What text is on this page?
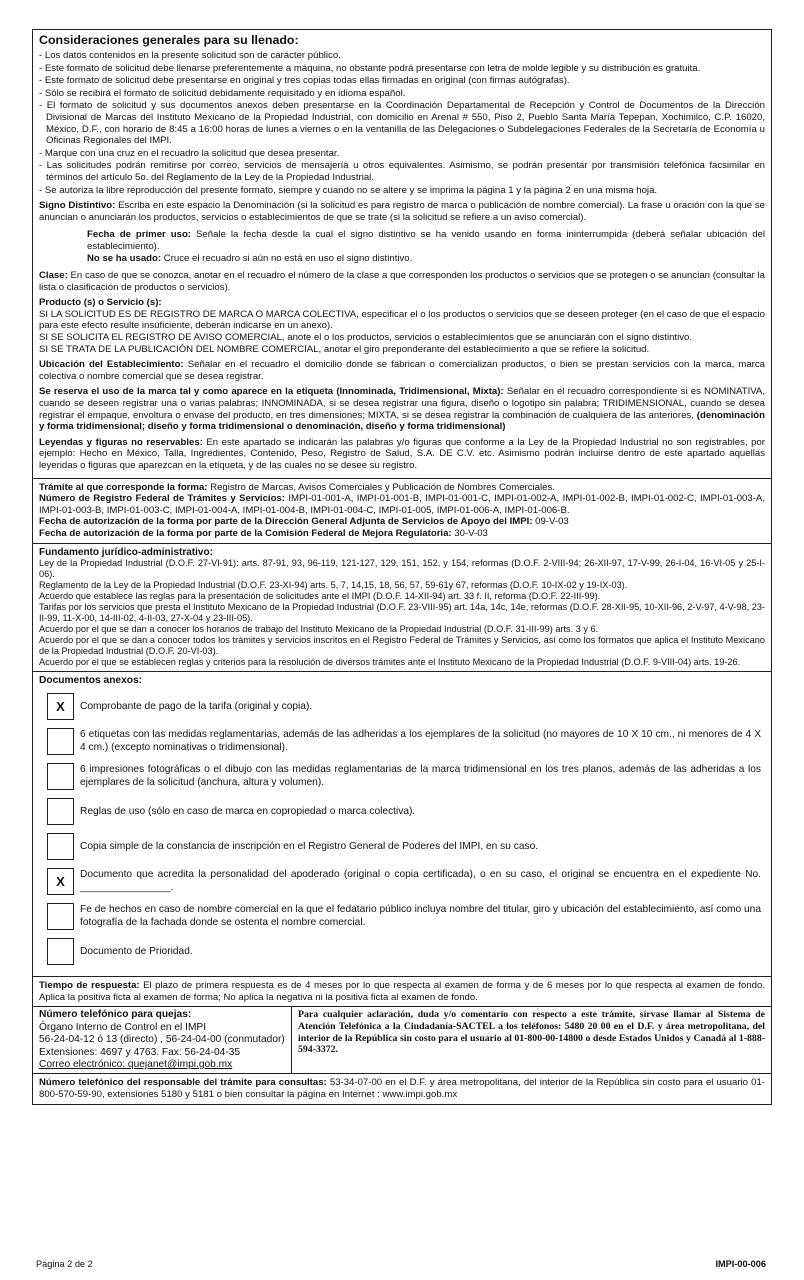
Consideraciones generales para su llenado:
- Los datos contenidos en la presente solicitud son de carácter público.
- Este formato de solicitud debe llenarse preferentemente a máquina, no obstante podrá presentarse con letra de molde legible y su distribución es gratuita.
- Este formato de solicitud debe presentarse en original y tres copias todas ellas firmadas en original (con firmas autógrafas).
- Sólo se recibirá el formato de solicitud debidamente requisitado y en idioma español.
- El formato de solicitud y sus documentos anexos deben presentarse en la Coordinación Departamental de Recepción y Control de Documentos de la Dirección Divisional de Marcas del Instituto Mexicano de la Propiedad Industrial, con domicilio en Arenal # 550, Piso 2, Pueblo Santa María Tepepan, Xochimilco, C.P. 16020, México, D.F., con horario de 8:45 a 16:00 horas de lunes a viernes o en la ventanilla de las Delegaciones o Subdelegaciones Federales de la Secretaría de Economía u Oficinas Regionales del IMPI.
- Marque con una cruz en el recuadro la solicitud que desea presentar.
- Las solicitudes podrán remitirse por correo, servicios de mensajería u otros equivalentes. Asimismo, se podrán presentar por transmisión telefónica facsimilar en términos del artículo 5o. del Reglamento de la Ley de la Propiedad Industrial.
- Se autoriza la libre reproducción del presente formato, siempre y cuando no se altere y se imprima la página 1 y la página 2 en una misma hoja.
Signo Distintivo: Escriba en este espacio la Denominación (si la solicitud es para registro de marca o publicación de nombre comercial). La frase u oración con la que se anuncian o anunciarán los productos, servicios o establecimientos de que se trate (si la solicitud se refiere a un aviso comercial).
Fecha de primer uso: Señale la fecha desde la cual el signo distintivo se ha venido usando en forma ininterrumpida (deberá señalar ubicación del establecimiento).
No se ha usado: Cruce el recuadro si aún no está en uso el signo distintivo.
Clase: En caso de que se conozca, anotar en el recuadro el número de la clase a que corresponden los productos o servicios que se protegen o se anuncian (consultar la lista o clasificación de productos o servicios).
Producto (s) o Servicio (s):
SI LA SOLICITUD ES DE REGISTRO DE MARCA O MARCA COLECTIVA, especificar el o los productos o servicios que se deseen proteger (en el caso de que el espacio para este efecto resulte insuficiente, deberán indicarse en un anexo).
SI SE SOLICITA EL REGISTRO DE AVISO COMERCIAL, anote el o los productos, servicios o establecimientos que se anunciarán con el signo distintivo.
SI SE TRATA DE LA PUBLICACIÓN DEL NOMBRE COMERCIAL, anotar el giro preponderante del establecimiento a que se refiere la solicitud.
Ubicación del Establecimiento: Señalar en el recuadro el domicilio donde se fabrican o comercializan productos, o bien se prestan servicios con la marca, marca colectiva o nombre comercial que se desea registrar.
Se reserva el uso de la marca tal y como aparece en la etiqueta (Innominada, Tridimensional, Mixta): Señalar en el recuadro correspondiente si es NOMINATIVA, cuando se deseen registrar una o varias palabras; INNOMINADA, si se desea registrar una figura, diseño o logotipo sin palabra; TRIDIMENSIONAL, cuando se desea registrar el empaque, envoltura o envase del producto, en tres dimensiones; MIXTA, si se desea registrar la combinación de cualquiera de las anteriores, (denominación y forma tridimensional; diseño y forma tridimensional o denominación, diseño y forma tridimensional)
Leyendas y figuras no reservables: En este apartado se indicarán las palabras y/o figuras que conforme a la Ley de la Propiedad Industrial no son registrables, por ejemplo: Hecho en México, Talla, Ingredientes, Contenido, Peso, Registro de Salud, S.A. DE C.V. etc. Asimismo podrán incluirse dentro de este apartado aquellas leyendas o figuras que aparezcan en la etiqueta, y de las cuales no se desee su registro.
Trámite al que corresponde la forma: Registro de Marcas, Avisos Comerciales y Publicación de Nombres Comerciales.
Número de Registro Federal de Trámites y Servicios: IMPI-01-001-A, IMPI-01-001-B, IMPI-01-001-C, IMPI-01-002-A, IMPI-01-002-B, IMPI-01-002-C, IMPI-01-003-A, IMPI-01-003-B, IMPI-01-003-C, IMPI-01-004-A, IMPI-01-004-B, IMPI-01-004-C, IMPI-01-005, IMPI-01-006-A, IMPI-01-006-B.
Fecha de autorización de la forma por parte de la Dirección General Adjunta de Servicios de Apoyo del IMPI: 09-V-03
Fecha de autorización de la forma por parte de la Comisión Federal de Mejora Regulatoria: 30-V-03
Fundamento jurídico-administrativo:
Ley de la Propiedad Industrial (D.O.F. 27-VI-91): arts. 87-91, 93, 96-119, 121-127, 129, 151, 152, y 154, reformas (D.O.F. 2-VIII-94; 26-XII-97, 17-V-99, 26-I-04, 16-VI-05 y 25-I-06).
Reglamento de la Ley de la Propiedad Industrial (D.O.F. 23-XI-94) arts. 5, 7, 14,15, 18, 56, 57, 59-61y 67, reformas (D.O.F. 10-IX-02 y 19-IX-03).
Acuerdo que establece las reglas para la presentación de solicitudes ante el IMPI (D.O.F. 14-XII-94) art. 33 f. II, reforma (D.O.F. 22-III-99).
Tarifas por los servicios que presta el Instituto Mexicano de la Propiedad Industrial (D.O.F. 23-VIII-95) art. 14a, 14c, 14e, reformas (D.O.F. 28-XII-95, 10-XII-96, 2-V-97, 4-V-98, 23-II-99, 11-X-00, 14-III-02, 4-II-03, 27-X-04 y 23-III-05).
Acuerdo por el que se dan a conocer los horarios de trabajo del Instituto Mexicano de la Propiedad Industrial (D.O.F. 31-III-99) arts. 3 y 6.
Acuerdo por el que se dan a conocer todos los trámites y servicios inscritos en el Registro Federal de Trámites y Servicios, así como los formatos que aplica el Instituto Mexicano de la Propiedad Industrial (D.O.F. 20-VI-03).
Acuerdo por el que se establecen reglas y criterios para la resolución de diversos trámites ante el Instituto Mexicano de la Propiedad Industrial (D.O.F. 9-VIII-04) arts. 19-26.
Documentos anexos:
X	Comprobante de pago de la tarifa (original y copia).
6 etiquetas con las medidas reglamentarias, además de las adheridas a los ejemplares de la solicitud (no mayores de 10 X 10 cm., ni menores de 4 X 4 cm.) (excepto nominativas o tridimensional).
6 impresiones fotográficas o el dibujo con las medidas reglamentarias de la marca tridimensional en los tres planos, además de las adheridas a los ejemplares de la solicitud (anchura, altura y volumen).
Reglas de uso (sólo en caso de marca en copropiedad o marca colectiva).
Copia simple de la constancia de inscripción en el Registro General de Poderes del IMPI, en su caso.
X	Documento que acredita la personalidad del apoderado (original o copia certificada), o en su caso, el original se encuentra en el expediente No. ________________.
Fe de hechos en caso de nombre comercial en la que el fedatario público incluya nombre del titular, giro y ubicación del establecimiento, así como una fotografía de la fachada donde se ostenta el nombre comercial.
Documento de Prioridad.
Tiempo de respuesta: El plazo de primera respuesta es de 4 meses por lo que respecta al examen de forma y de 6 meses por lo que respecta al examen de fondo. Aplica la positiva ficta al examen de forma; No aplica la negativa ni la positiva ficta al examen de fondo.
Número telefónico para quejas:
Órgano Interno de Control en el IMPI
56-24-04-12 ó 13 (directo) , 56-24-04-00 (conmutador)
Extensiones: 4697 y 4763. Fax: 56-24-04-35
Correo electrónico: quejanet@impi.gob.mx
Para cualquier aclaración, duda y/o comentario con respecto a este trámite, sírvase llamar al Sistema de Atención Telefónica a la Ciudadanía-SACTEL a los teléfonos: 5480 20 00 en el D.F. y área metropolitana, del interior de la República sin costo para el usuario al 01-800-00-14800 o desde Estados Unidos y Canadá al 1-888-594-3372.
Número telefónico del responsable del trámite para consultas: 53-34-07-00 en el D.F. y área metropolitana, del interior de la República sin costo para el usuario 01-800-570-59-90, extensiones 5180 y 5181 o bien consultar la página en Internet : www.impi.gob.mx
Página 2 de 2	IMPI-00-006
